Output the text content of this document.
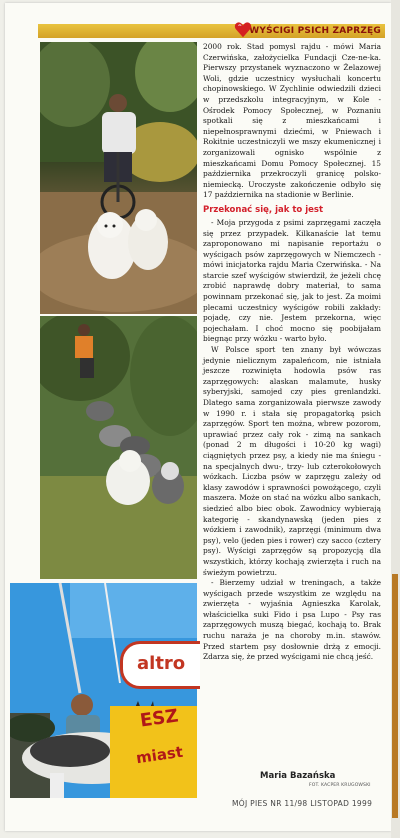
WYŚCIGI PSICH ZAPRZĘG
altro
ESZ
miast

2000 rok. Stad pomysl rajdu - mówi Maria Czerwińska, założycielka Fundacji Cze-ne-ka. Pierwszy przystanek wyznaczono w Żelazowej Woli, gdzie uczestnicy wysłuchali koncertu chopinowskiego. W Zychlinie odwiedzili dzieci w przedszkolu integracyjnym, w Kole - Ośrodek Pomocy Społecznej, w Poznaniu spotkali się z mieszkańcami i niepełnosprawnymi dziećmi, w Pniewach i Rokitnie uczestniczyli we mszy ekumenicznej i zorganizowali ognisko wspólnie z mieszkańcami Domu Pomocy Społecznej. 15 października przekroczyli granicę polsko-niemiecką. Uroczyste zakończenie odbyło się 17 października na stadionie w Berlinie.

Przekonać się, jak to jest

- Moja przygoda z psimi zaprzęgami zaczęła się przez przypadek. Kilkanaście lat temu zaproponowano mi napisanie reportażu o wyścigach psów zaprzęgowych w Niemczech - mówi inicjatorka rajdu Maria Czerwińska. - Na starcie szef wyścigów stwierdził, że jeżeli chcę zrobić naprawdę dobry materiał, to sama powinnam przekonać się, jak to jest. Za moimi plecami uczestnicy wyścigów robili zakłady: pojadę, czy nie. Jestem przekorna, więc pojechałam. I choć mocno się poobijałam biegnąc przy wózku - warto było.

W Polsce sport ten znany był wówczas jedynie nielicznym zapaleńcom, nie istniała jeszcze rozwinięta hodowla psów ras zaprzęgowych: alaskan malamute, husky syberyjski, samojed czy pies grenlandzki. Dlatego sama zorganizowała pierwsze zawody w 1990 r. i stała się propagatorką psich zaprzęgów. Sport ten można, wbrew pozorom, uprawiać przez cały rok - zimą na sankach (ponad 2 m długości i 10-20 kg wagi) ciągniętych przez psy, a kiedy nie ma śniegu - na specjalnych dwu-, trzy- lub czterokołowych wózkach. Liczba psów w zaprzęgu zależy od klasy zawodów i sprawności powożącego, czyli maszera. Może on stać na wózku albo sankach, siedzieć albo biec obok. Zawodnicy wybierają kategorię - skandynawską (jeden pies z wózkiem i zawodnik), zaprzęgi (minimum dwa psy), velo (jeden pies i rower) czy sacco (cztery psy). Wyścigi zaprzęgów są propozycją dla wszystkich, którzy kochają zwierzęta i ruch na świeżym powietrzu.

- Bierzemy udział w treningach, a także wyścigach przede wszystkim ze względu na zwierzęta - wyjaśnia Agnieszka Karolak, właścicielka suki Fido i psa Lupo - Psy ras zaprzęgowych muszą biegać, kochają to. Brak ruchu naraża je na choroby m.in. stawów. Przed startem psy dosłownie drżą z emocji. Zdarza się, że przed wyścigami nie chcą jeść.

Maria Bazańska
FOT. KACPER KRUGOWSKI
MÓJ PIES NR 11/98 LISTOPAD 1999
